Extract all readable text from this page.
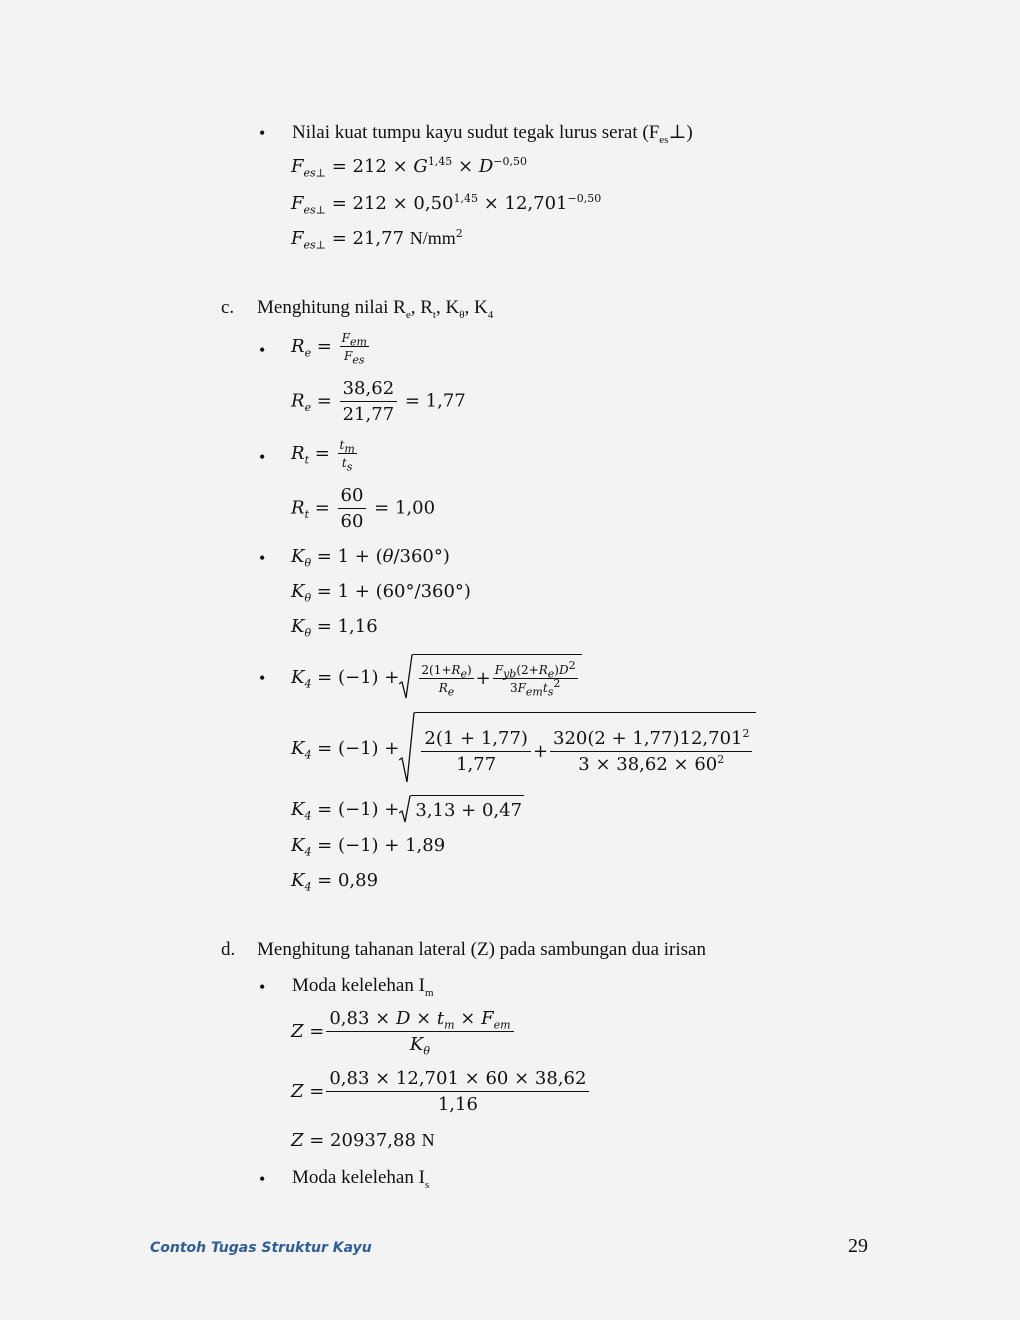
• Nilai kuat tumpu kayu sudut tegak lurus serat $(F_{es}\perp)$
$F_{es\perp} = 212 \times G^{1,45} \times D^{-0,50}$
$F_{es\perp} = 212 \times 0,50^{1,45} \times 12,701^{-0,50}$
$F_{es\perp} = 21,77$ $N/mm^2$
c. Menghitung nilai $R_e$, $R_t$, $K_\theta$, $K_4$
• $R_e = \frac{F_{em}}{F_{es}}$
$R_e = \frac{38,62}{21,77} = 1,77$
• $R_t = \frac{t_m}{t_s}$
$R_t = \frac{60}{60} = 1,00$
• $K_\theta = 1 + (\theta/360^\circ)$
$K_\theta = 1 + (60^\circ/360^\circ)$
$K_\theta = 1,16$
• $K_4 = (-1) + \frac{2(1+R_e)}{R_e} + \frac{F_{yb}(2+R_e)D^2}{3F_{em}t_s^2}$
$K_4 = (-1) + \frac{2(1 + 1,77)}{1,77} + \frac{320(2 + 1,77)12,701^2}{3 \times 38,62 \times 60^2}$
$K_4 = (-1) + 3,13 + 0,47$
$K_4 = (-1) + 1,89$
$K_4 = 0,89$
d. Menghitung tahanan lateral (Z) pada sambungan dua irisan
• Moda kelelehan $I_m$
$Z = \frac{0,83 \times D \times t_m \times F_{em}}{K_\theta}$
$Z = \frac{0,83 \times 12,701 \times 60 \times 38,62}{1,16}$
Z = 20937,88 N
• Moda kelelehan $I_s$
Contoh Tugas Struktur Kayu	29
